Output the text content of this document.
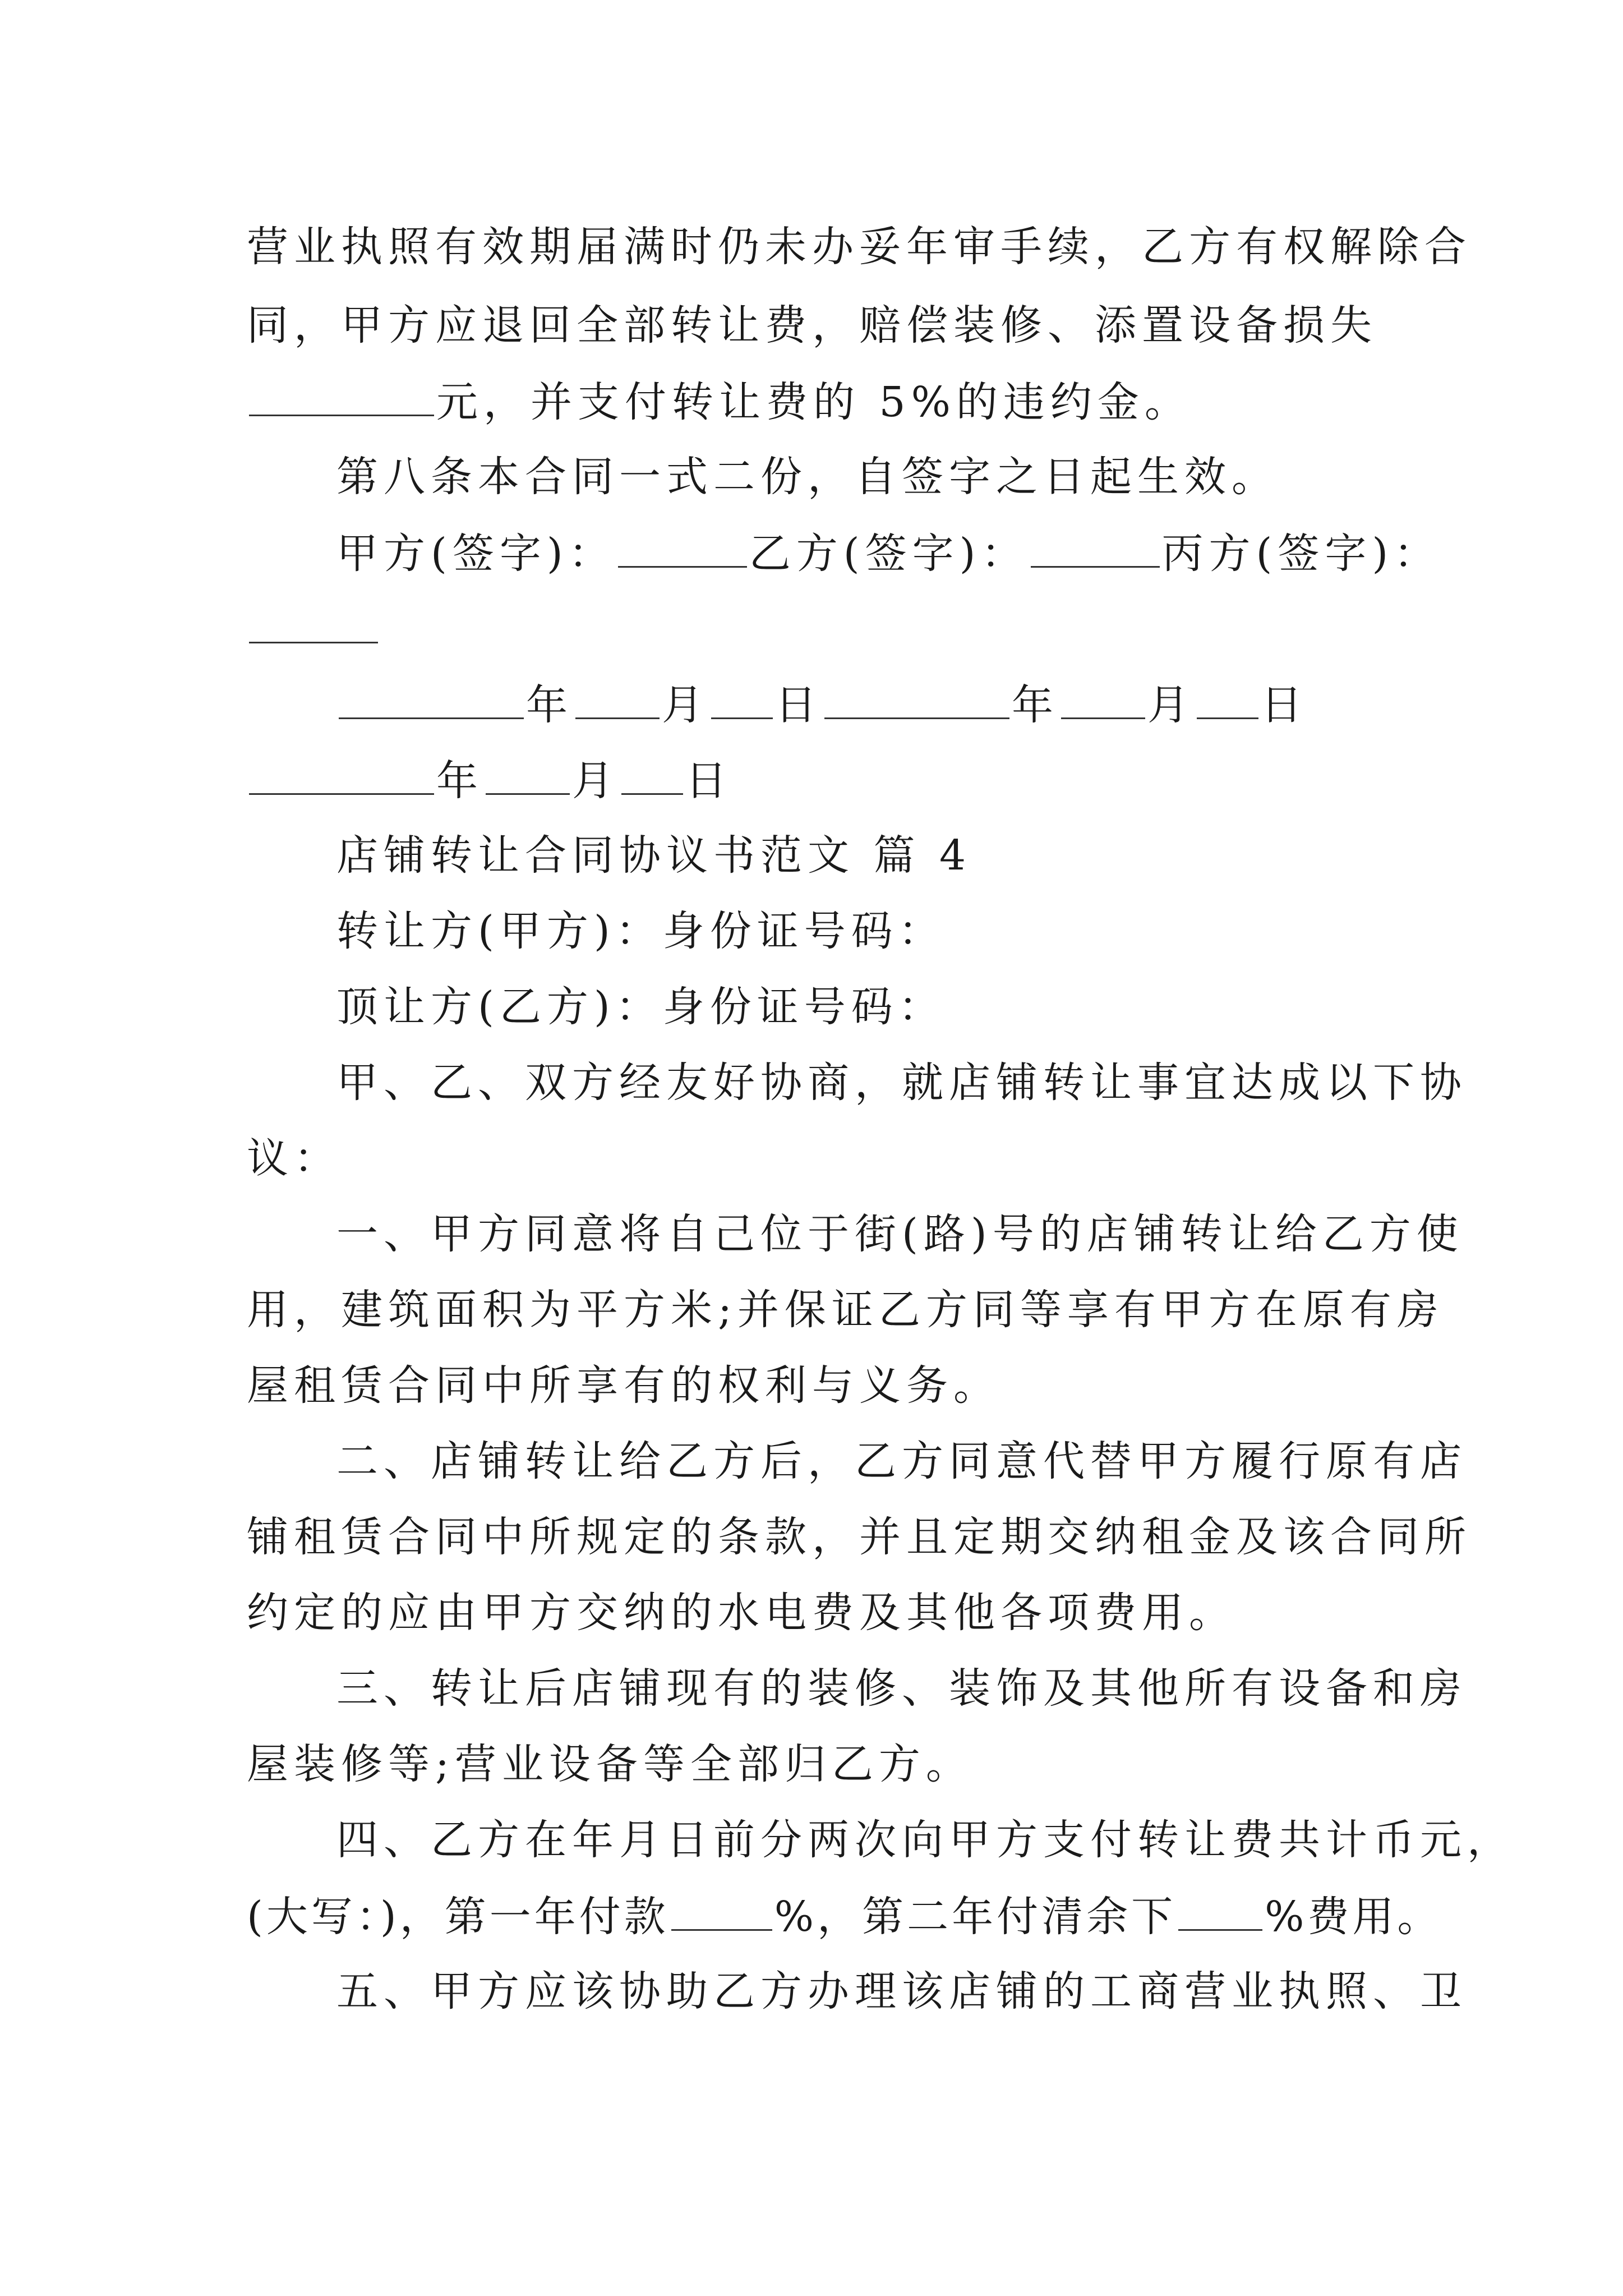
营业执照有效期届满时仍未办妥年审手续，乙方有权解除合
同，甲方应退回全部转让费，赔偿装修、添置设备损失
元，并支付转让费的 5%的违约金。
第八条本合同一式二份，自签字之日起生效。
甲方(签字)：	乙方(签字)：	丙方(签字)：
年 月 日	年 月 日
年 月 日
店铺转让合同协议书范文 篇 4
转让方(甲方)：身份证号码：
顶让方(乙方)：身份证号码：
甲、乙、双方经友好协商，就店铺转让事宜达成以下协
议：
一、甲方同意将自己位于街(路)号的店铺转让给乙方使
用，建筑面积为平方米;并保证乙方同等享有甲方在原有房
屋租赁合同中所享有的权利与义务。
二、店铺转让给乙方后，乙方同意代替甲方履行原有店
铺租赁合同中所规定的条款，并且定期交纳租金及该合同所
约定的应由甲方交纳的水电费及其他各项费用。
三、转让后店铺现有的装修、装饰及其他所有设备和房
屋装修等;营业设备等全部归乙方。
四、乙方在年月日前分两次向甲方支付转让费共计币元，
(大写：)，第一年付款	%，第二年付清余下 %费用。
五、甲方应该协助乙方办理该店铺的工商营业执照、卫
